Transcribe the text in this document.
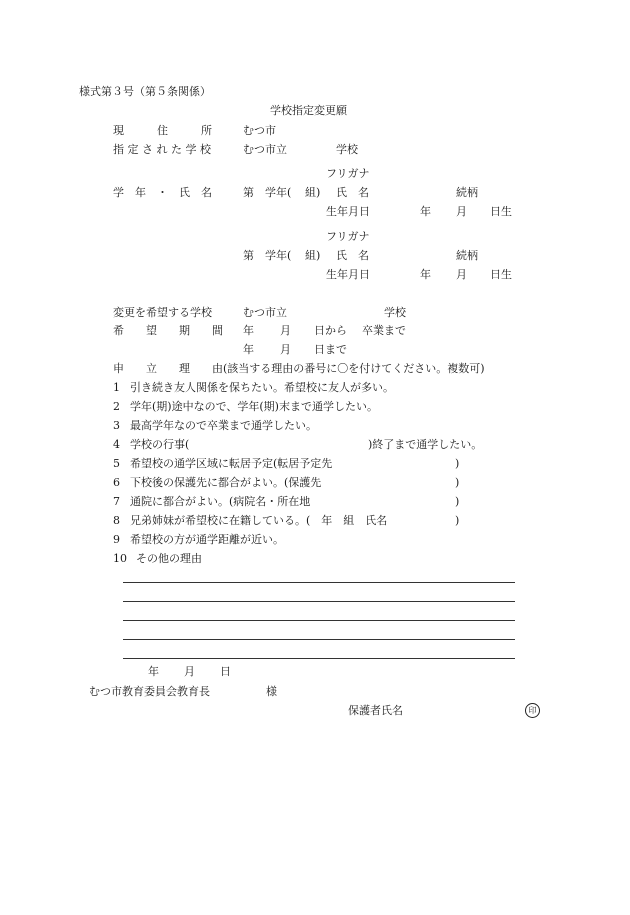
様式第３号（第５条関係）
学校指定変更願
現　　　住　　　所	むつ市
指 定 さ れ た 学 校	むつ市立	学校
フリガナ
学　年　・　氏　名	第 学年( 組) 氏　名	続柄
生年月日	年 月 日生
フリガナ
第 学年( 組) 氏　名	続柄
生年月日	年 月 日生
変更を希望する学校	むつ市立	学校
希　　望　　期　　間 年 月 日から 卒業まで
年 月 日まで
申　　立　　理　　由(該当する理由の番号に〇を付けてください。複数可)
1 引き続き友人関係を保ちたい。希望校に友人が多い。
2 学年(期)途中なので、学年(期)末まで通学したい。
3 最高学年なので卒業まで通学したい。
4 学校の行事(	)終了まで通学したい。
5 希望校の通学区域に転居予定(転居予定先	)
6 下校後の保護先に都合がよい。(保護先	)
7 通院に都合がよい。(病院名・所在地	)
8 兄弟姉妹が希望校に在籍している。(　年　組　氏名	)
9 希望校の方が通学距離が近い。
10 その他の理由
年 月 日
むつ市教育委員会教育長	様
保護者氏名	印
